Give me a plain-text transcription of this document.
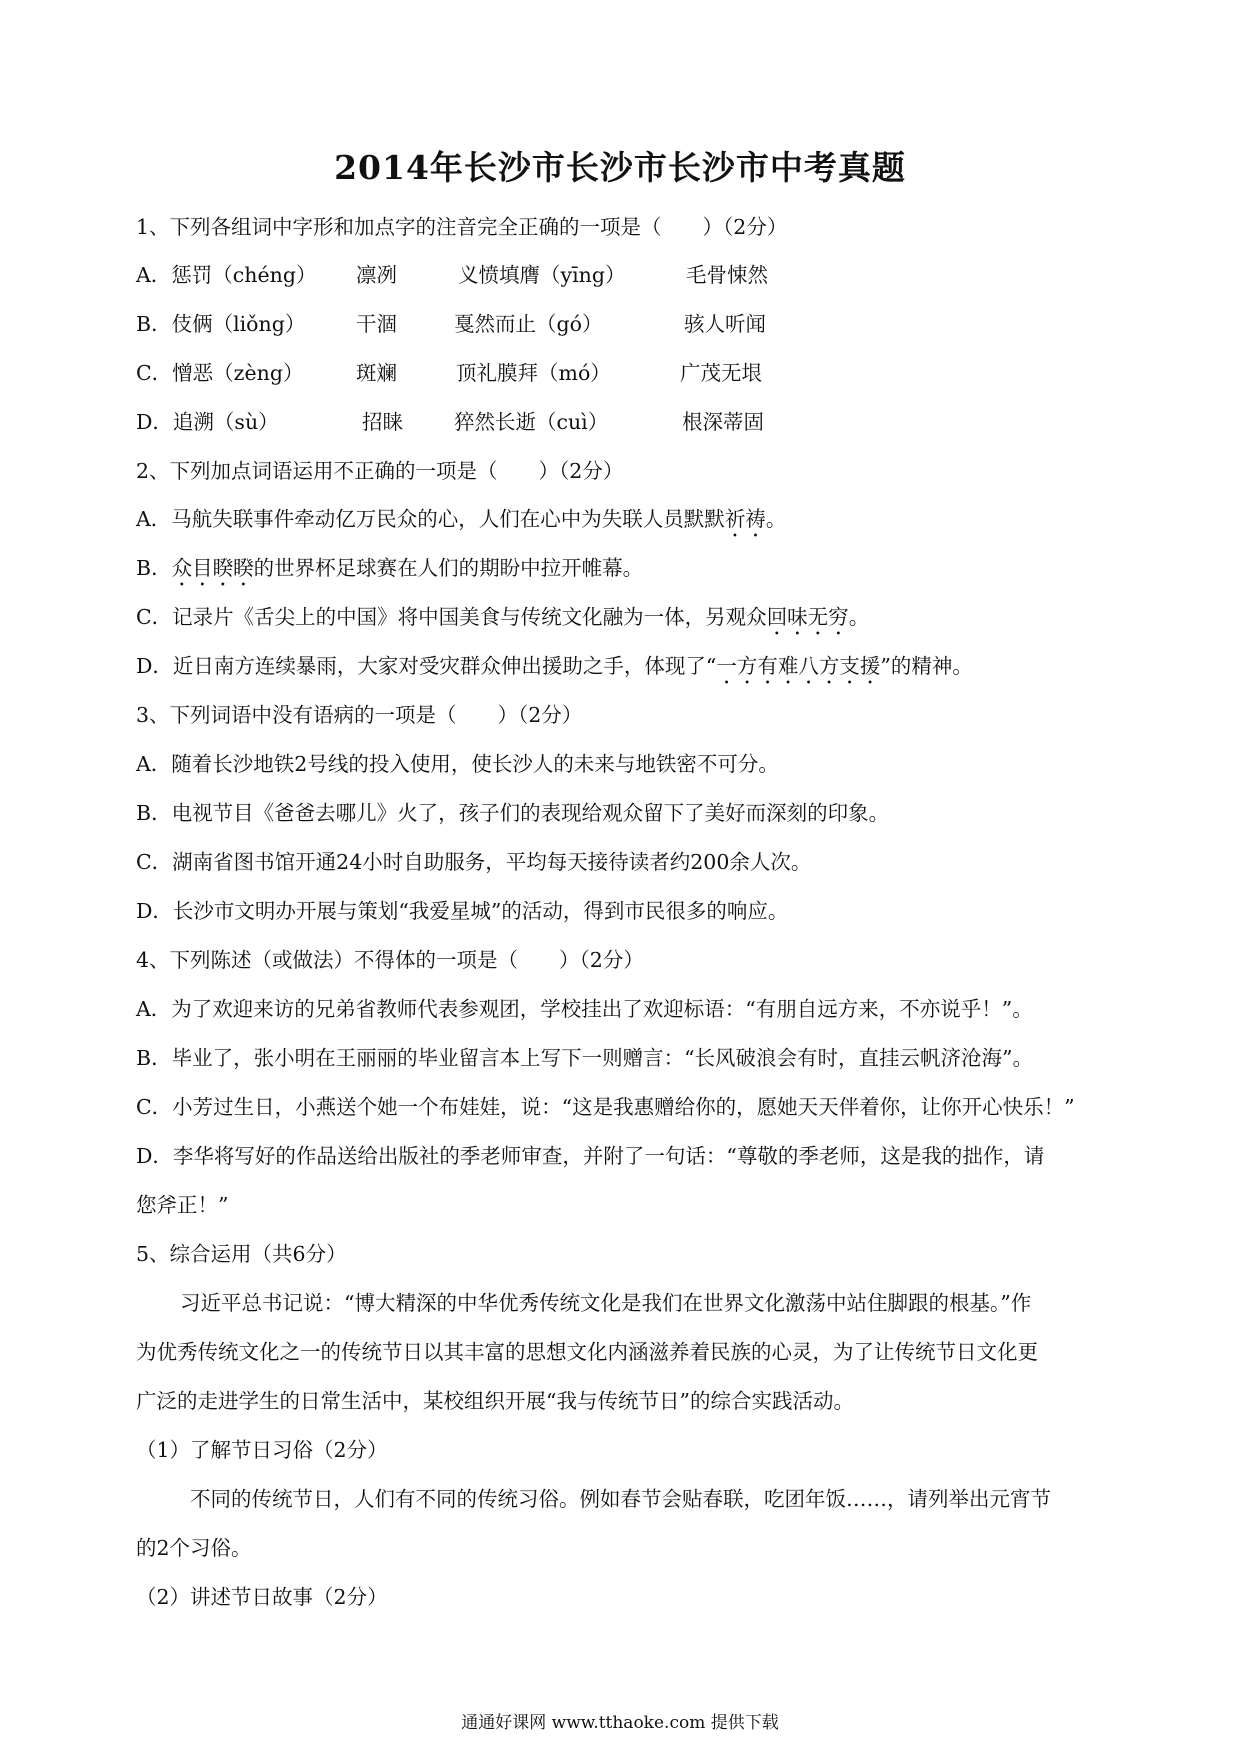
2014年长沙市长沙市长沙市中考真题
1、下列各组词中字形和加点字的注音完全正确的一项是（　　）（2分）
A．惩罚（chéng） 凛冽	义愤填膺（yīng）	毛骨悚然
B．伎俩（liǒng） 干涸	戛然而止（gó）	骇人听闻
C．憎恶（zèng）	斑斓	顶礼膜拜（mó）	广茂无垠
D．追溯（sù）	招睐 猝然长逝（cuì）	根深蒂固
2、下列加点词语运用不正确的一项是（　　）（2分）
A．马航失联事件牵动亿万民众的心，人们在心中为失联人员默默祈祷。
B．众目睽睽的世界杯足球赛在人们的期盼中拉开帷幕。
C．记录片《舌尖上的中国》将中国美食与传统文化融为一体，另观众回味无穷。
D．近日南方连续暴雨，大家对受灾群众伸出援助之手，体现了“一方有难八方支援”的精神。
3、下列词语中没有语病的一项是（　　）（2分）
A．随着长沙地铁2号线的投入使用，使长沙人的未来与地铁密不可分。
B．电视节目《爸爸去哪儿》火了，孩子们的表现给观众留下了美好而深刻的印象。
C．湖南省图书馆开通24小时自助服务，平均每天接待读者约200余人次。
D．长沙市文明办开展与策划“我爱星城”的活动，得到市民很多的响应。
4、下列陈述（或做法）不得体的一项是（　　）（2分）
A．为了欢迎来访的兄弟省教师代表参观团，学校挂出了欢迎标语：“有朋自远方来，不亦说乎！”。
B．毕业了，张小明在王丽丽的毕业留言本上写下一则赠言：“长风破浪会有时，直挂云帆济沧海”。
C．小芳过生日，小燕送个她一个布娃娃，说：“这是我惠赠给你的，愿她天天伴着你，让你开心快乐！”
D．李华将写好的作品送给出版社的季老师审查，并附了一句话：“尊敬的季老师，这是我的拙作，请
您斧正！”
5、综合运用（共6分）
习近平总书记说：“博大精深的中华优秀传统文化是我们在世界文化激荡中站住脚跟的根基。”作
为优秀传统文化之一的传统节日以其丰富的思想文化内涵滋养着民族的心灵，为了让传统节日文化更
广泛的走进学生的日常生活中，某校组织开展“我与传统节日”的综合实践活动。
（1）了解节日习俗（2分）
不同的传统节日，人们有不同的传统习俗。例如春节会贴春联，吃团年饭……，请列举出元宵节
的2个习俗。
（2）讲述节日故事（2分）
通通好课网 www.tthaoke.com 提供下载
